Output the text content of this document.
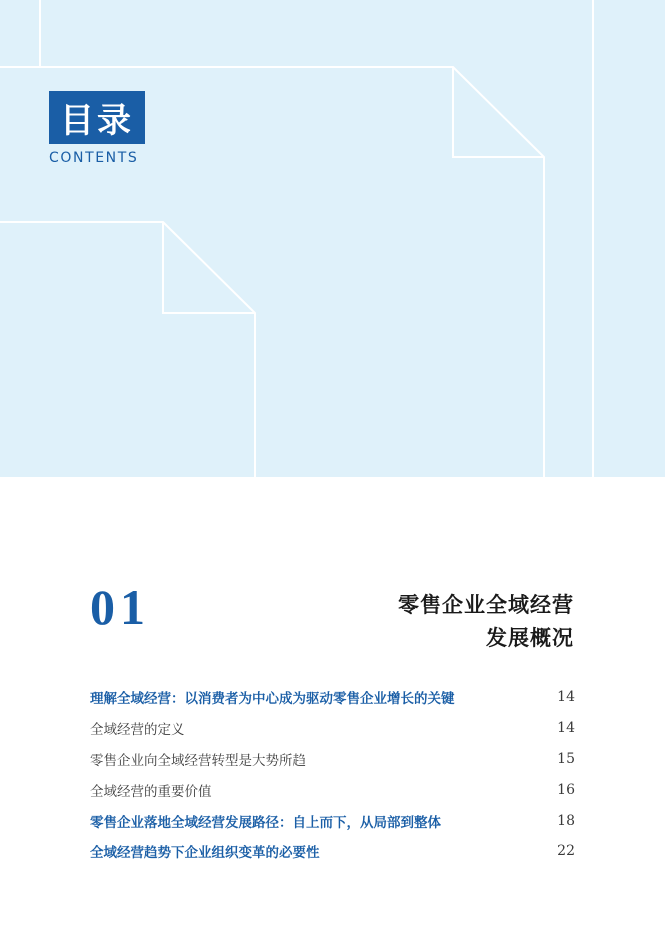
目录
CONTENTS
01	零售企业全域经营
发展概况
理解全域经营：以消费者为中心成为驱动零售企业增长的关键	14
全域经营的定义	14
零售企业向全域经营转型是大势所趋	15
全域经营的重要价值	16
零售企业落地全域经营发展路径：自上而下，从局部到整体	18
全域经营趋势下企业组织变革的必要性	22
